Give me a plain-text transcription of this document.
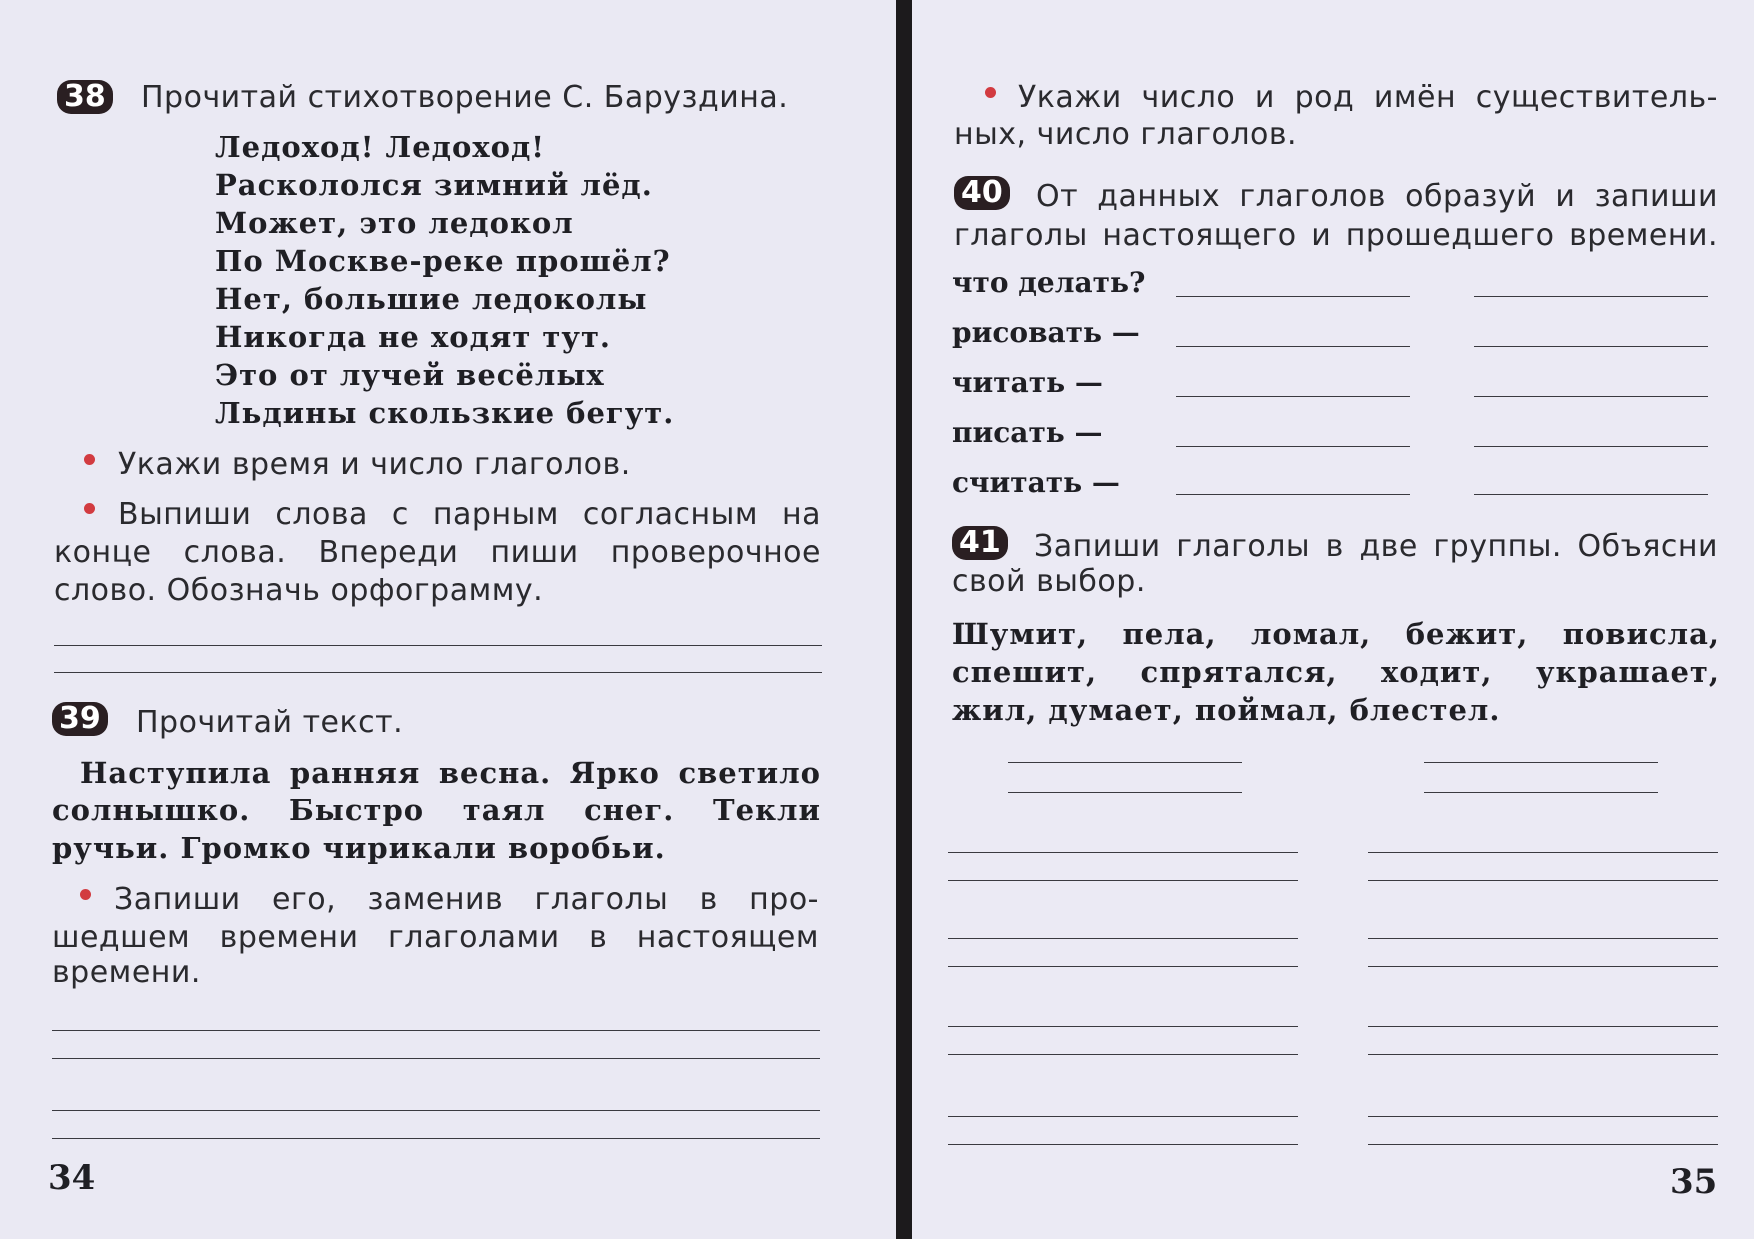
38 Прочитай стихотворение С. Баруздина.
Ледоход! Ледоход!
Раскололся зимний лёд.
Может, это ледокол
По Москве-реке прошёл?
Нет, большие ледоколы
Никогда не ходят тут.
Это от лучей весёлых
Льдины скользкие бегут.
Укажи время и число глаголов.
Выпиши слова с парным согласным на
конце слова. Впереди пиши проверочное
слово. Обозначь орфограмму.
39 Прочитай текст.
Наступила ранняя весна. Ярко светило
солнышко. Быстро таял снег. Текли
ручьи. Громко чирикали воробьи.
Запиши его, заменив глаголы в про-
шедшем времени глаголами в настоящем
времени.
34
Укажи число и род имён существитель-
ных, число глаголов.
40 От данных глаголов образуй и запиши
глаголы настоящего и прошедшего времени.
что делать?
рисовать —
читать —
писать —
считать —
41 Запиши глаголы в две группы. Объясни
свой выбор.
Шумит, пела, ломал, бежит, повисла,
спешит, спрятался, ходит, украшает,
жил, думает, поймал, блестел.
35
